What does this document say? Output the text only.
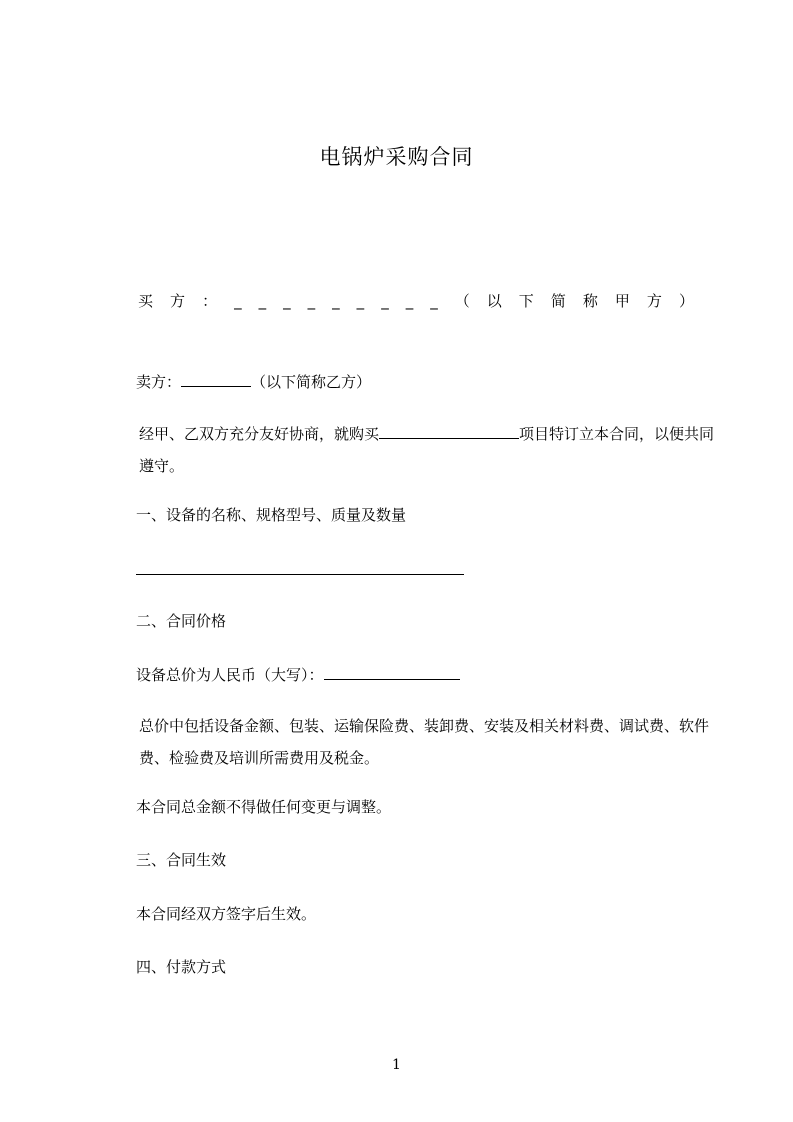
电锅炉采购合同
买 方 ： _ _ _ _ _ _ _ _ _ （ 以 下 简 称 甲 方 ）
卖方：	（以下简称乙方）
经甲、乙双方充分友好协商，就购买	项目特订立本合同，以便共同遵守。
一、设备的名称、规格型号、质量及数量
二、合同价格
设备总价为人民币（大写）：
总价中包括设备金额、包装、运输保险费、装卸费、安装及相关材料费、调试费、软件费、检验费及培训所需费用及税金。
本合同总金额不得做任何变更与调整。
三、合同生效
本合同经双方签字后生效。
四、付款方式
1
